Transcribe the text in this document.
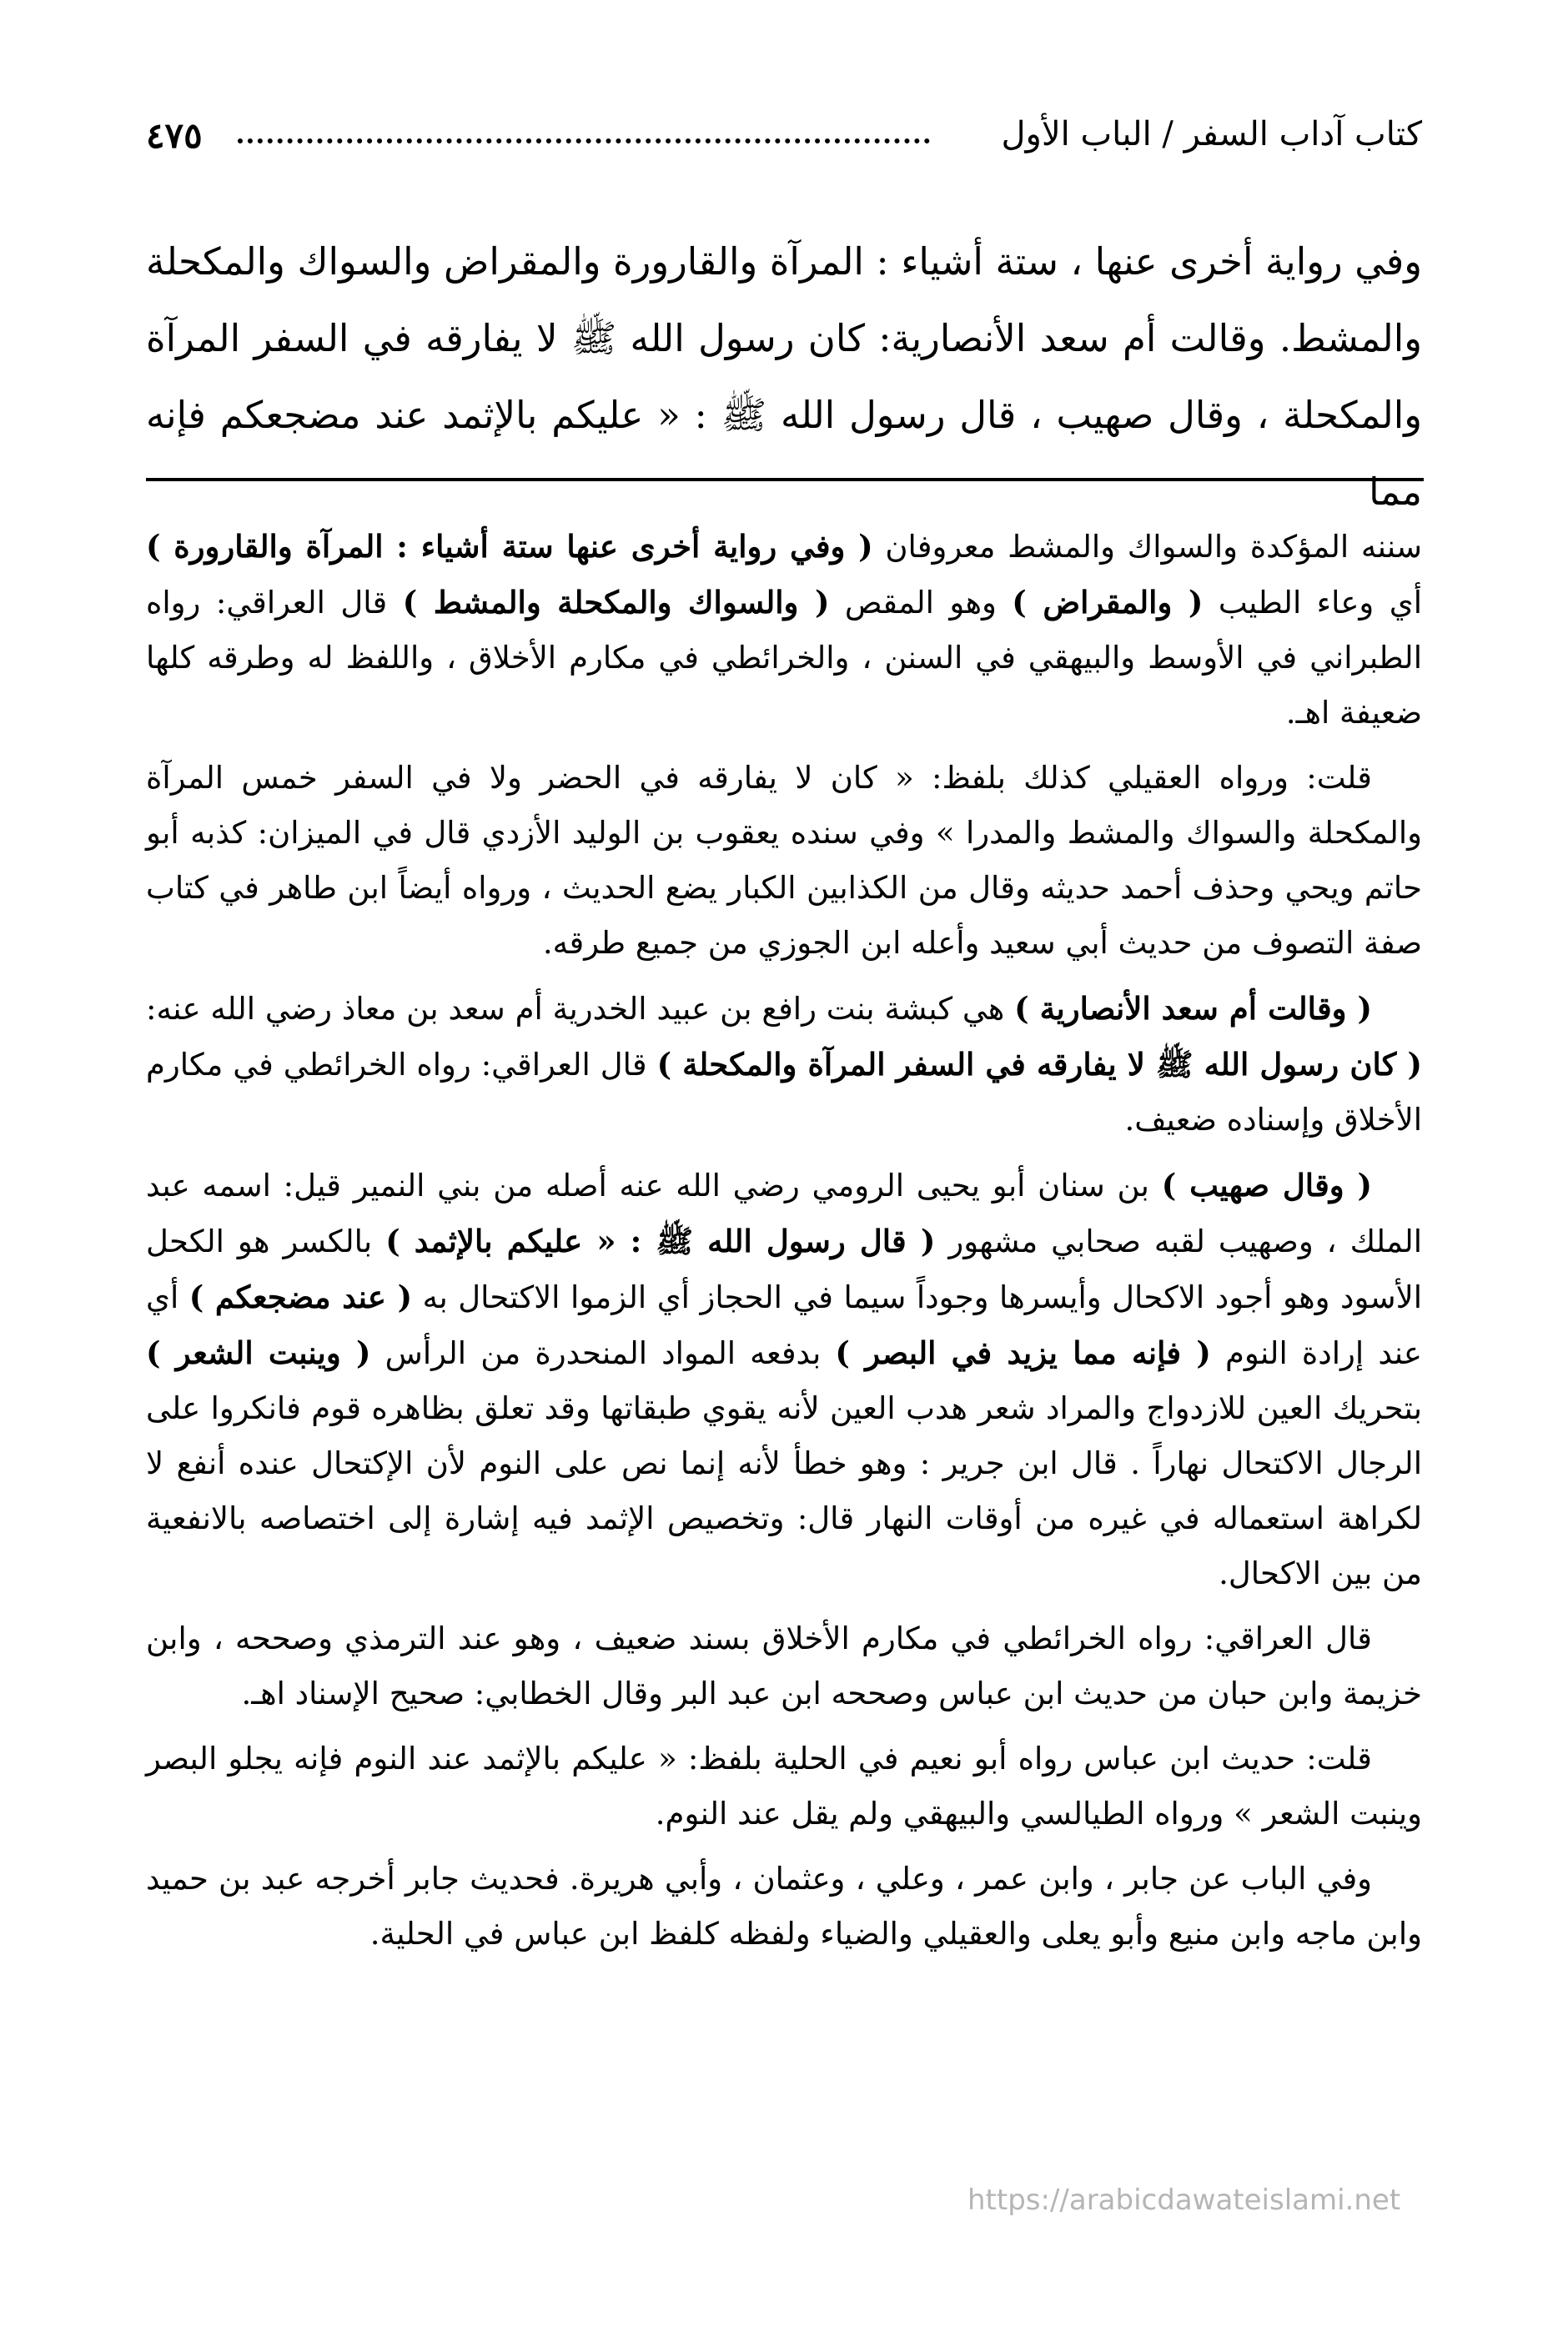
كتاب آداب السفر / الباب الأول
٤٧٥
وفي رواية أخرى عنها ، ستة أشياء : المرآة والقارورة والمقراض والسواك والمكحلة والمشط. وقالت أم سعد الأنصارية: كان رسول الله ﷺ لا يفارقه في السفر المرآة والمكحلة ، وقال صهيب ، قال رسول الله ﷺ : « عليكم بالإثمد عند مضجعكم فإنه مما

سننه المؤكدة والسواك والمشط معروفان ( وفي رواية أخرى عنها ستة أشياء : المرآة والقارورة ) أي وعاء الطيب ( والمقراض ) وهو المقص ( والسواك والمكحلة والمشط ) قال العراقي: رواه الطبراني في الأوسط والبيهقي في السنن ، والخرائطي في مكارم الأخلاق ، واللفظ له وطرقه كلها ضعيفة اهـ.

قلت: ورواه العقيلي كذلك بلفظ: « كان لا يفارقه في الحضر ولا في السفر خمس المرآة والمكحلة والسواك والمشط والمدرا » وفي سنده يعقوب بن الوليد الأزدي قال في الميزان: كذبه أبو حاتم ويحي وحذف أحمد حديثه وقال من الكذابين الكبار يضع الحديث ، ورواه أيضاً ابن طاهر في كتاب صفة التصوف من حديث أبي سعيد وأعله ابن الجوزي من جميع طرقه.

( وقالت أم سعد الأنصارية ) هي كبشة بنت رافع بن عبيد الخدرية أم سعد بن معاذ رضي الله عنه: ( كان رسول الله ﷺ لا يفارقه في السفر المرآة والمكحلة ) قال العراقي: رواه الخرائطي في مكارم الأخلاق وإسناده ضعيف.

( وقال صهيب ) بن سنان أبو يحيى الرومي رضي الله عنه أصله من بني النمير قيل: اسمه عبد الملك ، وصهيب لقبه صحابي مشهور ( قال رسول الله ﷺ : « عليكم بالإثمد ) بالكسر هو الكحل الأسود وهو أجود الاكحال وأيسرها وجوداً سيما في الحجاز أي الزموا الاكتحال به ( عند مضجعكم ) أي عند إرادة النوم ( فإنه مما يزيد في البصر ) بدفعه المواد المنحدرة من الرأس ( وينبت الشعر ) بتحريك العين للازدواج والمراد شعر هدب العين لأنه يقوي طبقاتها وقد تعلق بظاهره قوم فانكروا على الرجال الاكتحال نهاراً . قال ابن جرير : وهو خطأ لأنه إنما نص على النوم لأن الإكتحال عنده أنفع لا لكراهة استعماله في غيره من أوقات النهار قال: وتخصيص الإثمد فيه إشارة إلى اختصاصه بالانفعية من بين الاكحال.

قال العراقي: رواه الخرائطي في مكارم الأخلاق بسند ضعيف ، وهو عند الترمذي وصححه ، وابن خزيمة وابن حبان من حديث ابن عباس وصححه ابن عبد البر وقال الخطابي: صحيح الإسناد اهـ.

قلت: حديث ابن عباس رواه أبو نعيم في الحلية بلفظ: « عليكم بالإثمد عند النوم فإنه يجلو البصر وينبت الشعر » ورواه الطيالسي والبيهقي ولم يقل عند النوم.

وفي الباب عن جابر ، وابن عمر ، وعلي ، وعثمان ، وأبي هريرة. فحديث جابر أخرجه عبد بن حميد وابن ماجه وابن منيع وأبو يعلى والعقيلي والضياء ولفظه كلفظ ابن عباس في الحلية.

https://arabicdawateislami.net
